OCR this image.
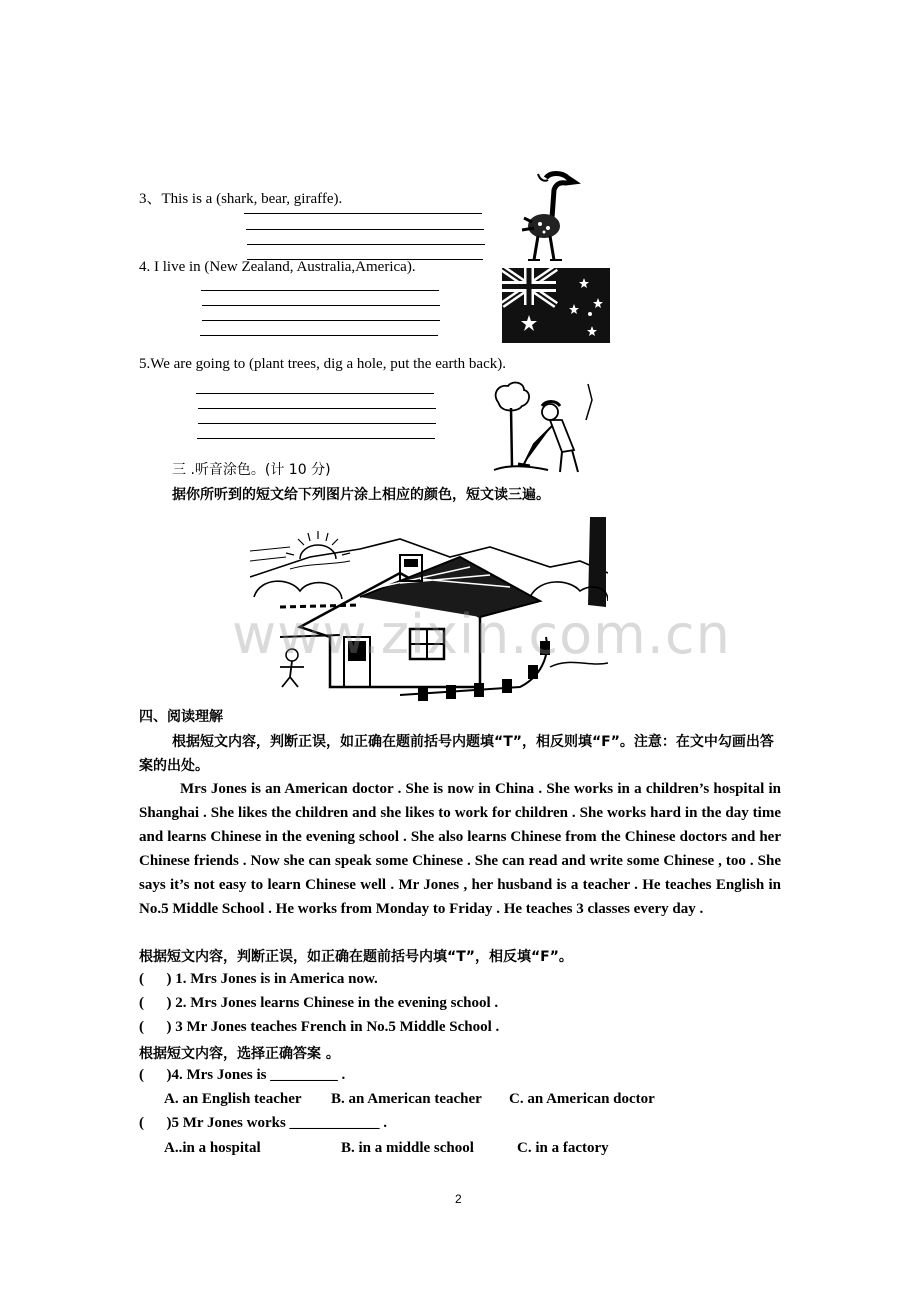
3、This is a (shark, bear, giraffe).
4. I live in (New Zealand, Australia,America).
5.We are going to (plant trees, dig a hole, put the earth back).
三 .听音涂色。(计 10 分)
据你所听到的短文给下列图片涂上相应的颜色，短文读三遍。
www.zixin.com.cn
四、阅读理解
根据短文内容，判断正误，如正确在题前括号内题填“T”，相反则填“F”。注意：在文中勾画出答案的出处。
Mrs Jones is an American doctor . She is now in China . She works in a children’s hospital in Shanghai . She likes the children and she likes to work for children . She works hard in the day time and learns Chinese in the evening school . She also learns Chinese from the Chinese doctors and her Chinese friends . Now she can speak some Chinese . She can read and write some Chinese , too . She says it’s not easy to learn Chinese well . Mr Jones , her husband is a teacher . He teaches English in No.5 Middle School . He works from Monday to Friday . He teaches 3 classes every day .
根据短文内容，判断正误，如正确在题前括号内填“T”，相反填“F”。
(      ) 1. Mrs Jones is in America now.
(      ) 2. Mrs Jones learns Chinese in the evening school .
(      ) 3 Mr Jones teaches French in No.5 Middle School .
根据短文内容，选择正确答案 。
(      )4. Mrs Jones is _________ .
A. an English teacher B. an American teacher C. an American doctor
(      )5 Mr Jones works ____________ .
A..in a hospital	B. in a middle school	C. in a factory
2
